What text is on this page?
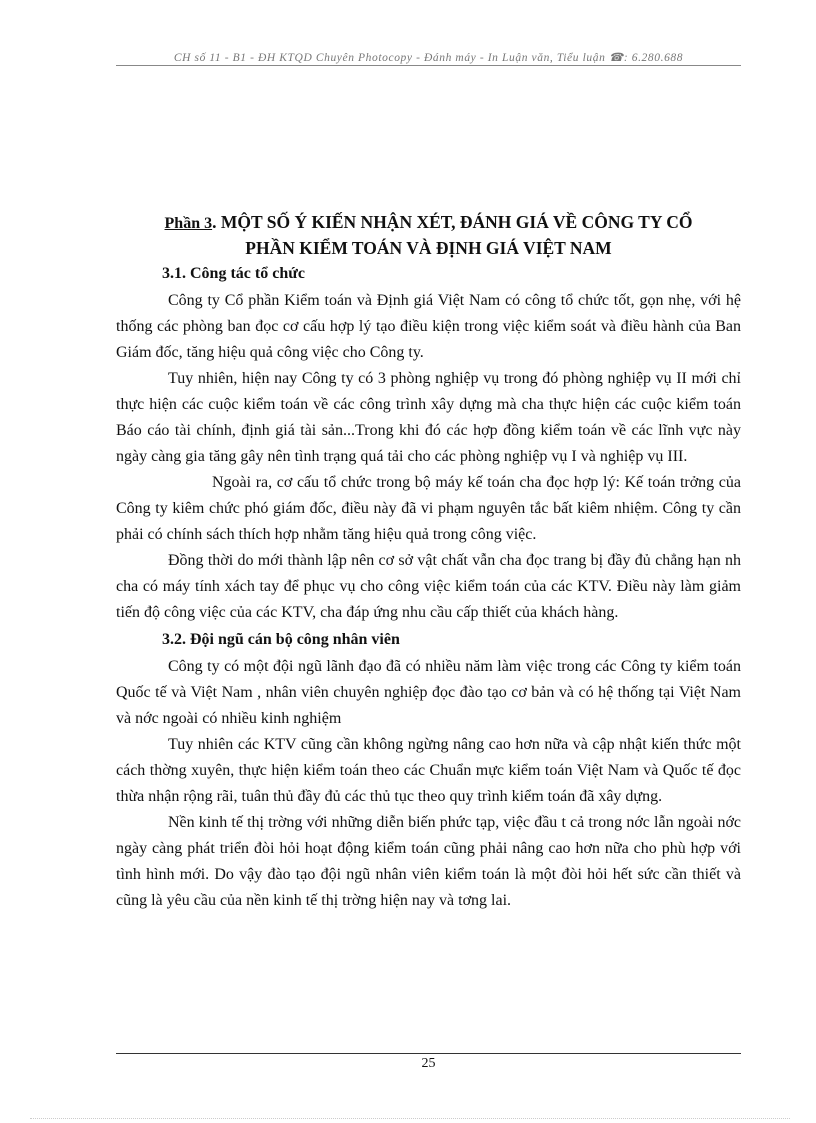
CH số 11 - B1 - ĐH KTQD Chuyên Photocopy - Đánh máy - In Luận văn, Tiểu luận ☎: 6.280.688
Phần 3. MỘT SỐ Ý KIẾN NHẬN XÉT, ĐÁNH GIÁ VỀ CÔNG TY CỔ
PHẦN KIỂM TOÁN VÀ ĐỊNH GIÁ VIỆT NAM
3.1. Công tác tổ chức

Công ty Cổ phần Kiểm toán và Định giá Việt Nam có công tổ chức tốt, gọn nhẹ, với hệ thống các phòng ban đọc cơ cấu hợp lý tạo điều kiện trong việc kiểm soát và điều hành của Ban Giám đốc, tăng hiệu quả công việc cho Công ty.

Tuy nhiên, hiện nay Công ty có 3 phòng nghiệp vụ trong đó phòng nghiệp vụ II mới chỉ thực hiện các cuộc kiểm toán về các công trình xây dựng mà cha thực hiện các cuộc kiểm toán Báo cáo tài chính, định giá tài sản...Trong khi đó các hợp đồng kiểm toán về các lĩnh vực này ngày càng gia tăng gây nên tình trạng quá tải cho các phòng nghiệp vụ I và nghiệp vụ III.

Ngoài ra, cơ cấu tổ chức trong bộ máy kế toán cha đọc hợp lý: Kế toán trởng của Công ty kiêm chức phó giám đốc, điều này đã vi phạm nguyên tắc bất kiêm nhiệm. Công ty cần phải có chính sách thích hợp nhằm tăng hiệu quả trong công việc.

Đồng thời do mới thành lập nên cơ sở vật chất vẫn cha đọc trang bị đầy đủ chẳng hạn nh cha có máy tính xách tay để phục vụ cho công việc kiểm toán của các KTV. Điều này làm giảm tiến độ công việc của các KTV, cha đáp ứng nhu cầu cấp thiết của khách hàng.

3.2. Đội ngũ cán bộ công nhân viên

Công ty có một đội ngũ lãnh đạo đã có nhiều năm làm việc trong các Công ty kiểm toán Quốc tế và Việt Nam , nhân viên chuyên nghiệp đọc đào tạo cơ bản và có hệ thống tại Việt Nam và nớc ngoài có nhiều kinh nghiệm

Tuy nhiên các KTV cũng cần không ngừng nâng cao hơn nữa và cập nhật kiến thức một cách thờng xuyên, thực hiện kiểm toán theo các Chuẩn mực kiểm toán Việt Nam và Quốc tế đọc thừa nhận rộng rãi, tuân thủ đầy đủ các thủ tục theo quy trình kiểm toán đã xây dựng.

Nền kinh tế thị trờng với những diễn biến phức tạp, việc đầu t cả trong nớc lẫn ngoài nớc ngày càng phát triển đòi hỏi hoạt động kiểm toán cũng phải nâng cao hơn nữa cho phù hợp với tình hình mới. Do vậy đào tạo đội ngũ nhân viên kiểm toán là một đòi hỏi hết sức cần thiết và cũng là yêu cầu của nền kinh tế thị trờng hiện nay và tơng lai.

25
